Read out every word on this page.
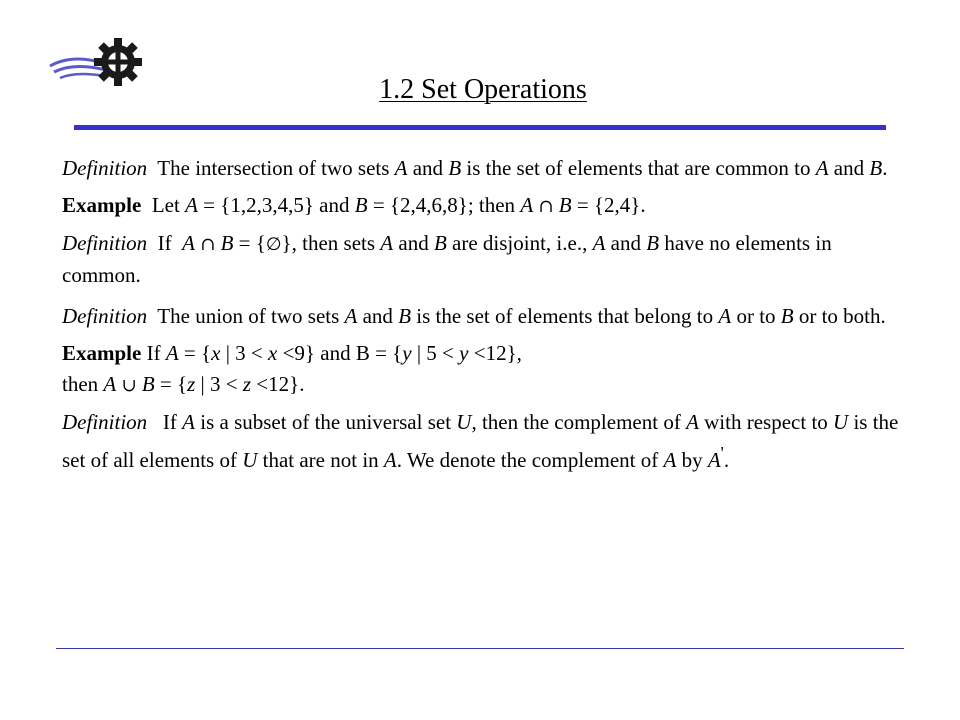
1.2 Set Operations

Definition The intersection of two sets A and B is the set of elements that are common to A and B.

Example Let A = {1,2,3,4,5} and B = {2,4,6,8}; then A ∩ B = {2,4}.

Definition If  A ∩ B = {∅}, then sets A and B are disjoint, i.e., A and B have no elements in common.

Definition The union of two sets A and B is the set of elements that belong to A or to B or to both.

Example If A = {x | 3 < x <9} and B = {y | 5 < y <12},
then A ∪ B = {z | 3 < z <12}.

Definition If A is a subset of the universal set U, then the complement of A with respect to U is the set of all elements of U that are not in A. We denote the complement of A by A'.
